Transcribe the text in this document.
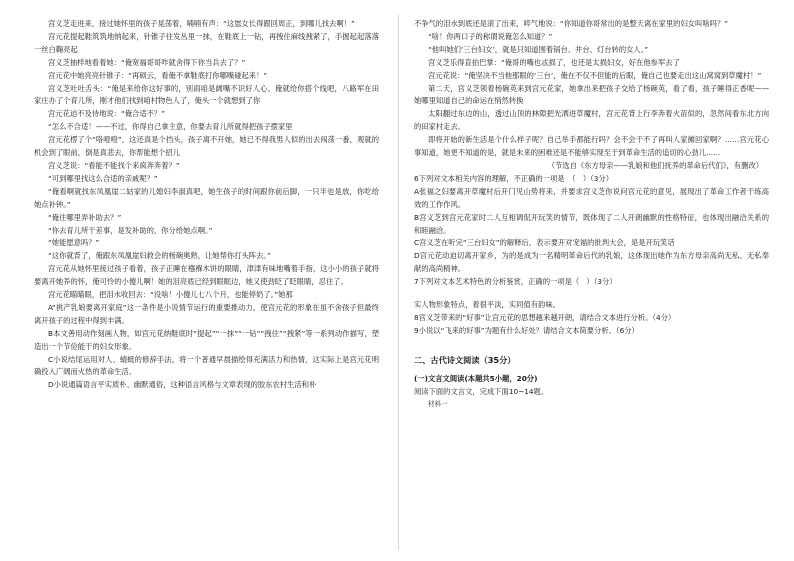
宫义芝走进来，接过她怀里的孩子晃荡着，喃喃有声：“这崽女长得跟回周正，到哪儿找去啊！”

宫元花提起鞋筑筑地纳起来，针锥子往发丛里一抹，在鞋底上一钻，再拽住麻线拽紧了，手握起起落落一丝白鞠亮起

宫义芝抽样地看着她：“俺宽福哥哥咋就舍得下你当兵去了？”

宫元花中她亮亮针锥子：“再硕云，看俺不拿鞋底打你哪嘴碰起来！”

宫义芝吐吐舌头：“俺是来给你这好事的，别雨咱是阔嘴不识好人心。俺就给你搭个线吧，八路军在田家庄办了个育儿所，刚才他们找到咱村物色人了，俺头一个就想到了你

宫元花迫不及待地说：“俺合适不？”

“怎么不合适！——不过，你得自己拿主意，你要去育儿所就得把孩子摆家里

宫元花楞了个“咯噔噔”，这还真是个挡头，孩子离不开她，她已不得我男人似的出去闯荡一番，观就的机会到了眼前，倒是真悲去，你帮能想个招儿

宫义芝说：“看能不能找个来疯奔奔着？”

“可到哪里找这么合适的亲戚呢？”

“俺看啊就找东凤凰崖二姑家的儿媳妇李淑真吧，她生孩子的时间跟你前后脚，一只半也是放，你吃给她点补钟。”

“俺往哪里弄补助去？”

“你去育儿所干差事，是发补助的，你分给她点啊。”

“她能愿意吗？”

“这你就背了，俺跟东凤凰崖妇救会的杨碗奥熟，让她帮你打头阵去。”

宫元花从她怀里接过孩子看着，孩子正睡在襁褓木饼的眼睛，津津有味地嘴着手指，这小小的孩子就将要离开她养的怀，俺可怜的小傻儿啊！她的泪亮底已经到眼眶边，她又使劲眨了眨眼睛，忍住了。

宫元花瞄瞄眼，把泪水收回去：“没啥！小傻儿七八个月，也能停奶了。”她那

A“挑产乳娘要离开家庭”这一条件是小说情节运行的重要推动力，使宫元花的形象在虽不舍孩子但最终离开孩子的过程中得到丰满。

B本文善用动作刻画人物，如宫元花纳鞋底时“提起”“一抹”“一钻”“拽住”“拽紧”等一系列动作描写，塑造出一个节俭能干的妇女形象。

C小说结尾运用对人、蜻蜓的修辞手法，将一个普通早晨描绘得充满活力和热情，这实际上是宫元花明确投入广阔而火热的革命生活。

D小说通篇语言平实质朴、幽默通俗，这种语言风格与文章表现的胶东农村生活和朴

不争气的泪水到底还是滚了出来，啐气地说：“你知道你哥常出的是整天离在家里的妇女叫啥吗？”

“啥！你两口子的称谓说俺怎么知道？”

“他叫她们‘三台妇女’，就是只知道围着锅台、井台、灯台转的女人。”

宫义芝乐得直拍巴掌：“俺哥的嘴也忒损了，也还是太损妇女，好在他参军去了

宫元花说：“俺坚决不当他那眼的‘三台’，俺在不仅不但能的后眼，俺自己也要走出这山窝窝到草魔村！”

第二天，宫义芝领着杨碗英来到宫元花家，她拿出来把孩子交给了杨碗英，看了看，孩子睡得正香呢——她哪里知道自己的命运在悄然转换

太阳翻过东边的山，透过山顶的林隙把光洒进草魔村，宫元花背上行李奔着火苗似的，忽然间看东北方向的田家村走去。

即将开始的新生活是个什么样子呢？自己举手都能行吗？会不会干不了再叫人家摊回家啊？……宫元花心事知道，她更不知道的是，就是未来的困难还是不能够实现至于到革命生活的追切的心劲儿……

（节选自《东方母亲——乳娘和他们抚养的革命后代们》，有删改）

6下列对文本相关内容的理解，不正确的一项是　（　）（3分）

A张福之妇要离开草魔村后开门见山势将来，并要求宫义芝你说问宫元花的意见，展现出了革命工作者干练高效的工作作风。

B宫义芝到宫元花家时二人互相调侃开玩笑的情节，既体现了二人开朗幽默的性格特征，也体现出融洽关系的和睦融洽。

C宫义芝在听完“三台妇女”的解释后，表示要开对宠福的批判大会，是是开玩笑话

D宫元花动迫切离开家乡，为的是成为一名精明革命后代的乳娘，这体现出她作为东方母亲高尚无私、无私奉献的高尚精神。

7下列对文本艺术特色的分析鉴赏，正确的一项是（　）（3分）

实人物形象特点，着很平淡，实同值有韵味。

8宫义芝带来的“好事”让宫元花的思想越来越开朗，请结合文本进行分析。（4分）

9小说以“飞来的好事”为题有什么好处？请结合文本简要分析。（6分）

二、古代诗文阅读（35分）

(一)文言文阅读(本题共5小题，20分)

阅读下面的文言文，完成下面10~14题。

材料一
